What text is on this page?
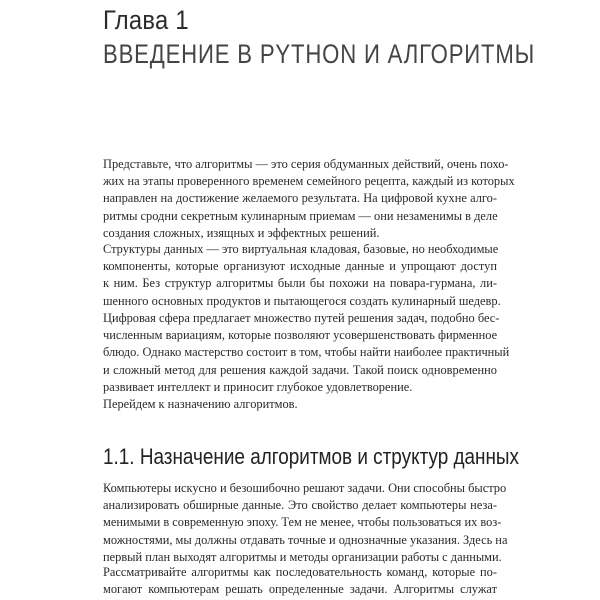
Глава 1
ВВЕДЕНИЕ В PYTHON И АЛГОРИТМЫ
Представьте, что алгоритмы — это серия обдуманных действий, очень похо-
жих на этапы проверенного временем семейного рецепта, каждый из которых
направлен на достижение желаемого результата. На цифровой кухне алго-
ритмы сродни секретным кулинарным приемам — они незаменимы в деле
создания сложных, изящных и эффектных решений.
Структуры данных — это виртуальная кладовая, базовые, но необходимые
компоненты, которые организуют исходные данные и упрощают доступ
к ним. Без структур алгоритмы были бы похожи на повара-гурмана, ли-
шенного основных продуктов и пытающегося создать кулинарный шедевр.
Цифровая сфера предлагает множество путей решения задач, подобно бес-
численным вариациям, которые позволяют усовершенствовать фирменное
блюдо. Однако мастерство состоит в том, чтобы найти наиболее практичный
и сложный метод для решения каждой задачи. Такой поиск одновременно
развивает интеллект и приносит глубокое удовлетворение.
Перейдем к назначению алгоритмов.
1.1. Назначение алгоритмов и структур данных
Компьютеры искусно и безошибочно решают задачи. Они способны быстро
анализировать обширные данные. Это свойство делает компьютеры неза-
менимыми в современную эпоху. Тем не менее, чтобы пользоваться их воз-
можностями, мы должны отдавать точные и однозначные указания. Здесь на
первый план выходят алгоритмы и методы организации работы с данными.
Рассматривайте алгоритмы как последовательность команд, которые по-
могают компьютерам решать определенные задачи. Алгоритмы служат
